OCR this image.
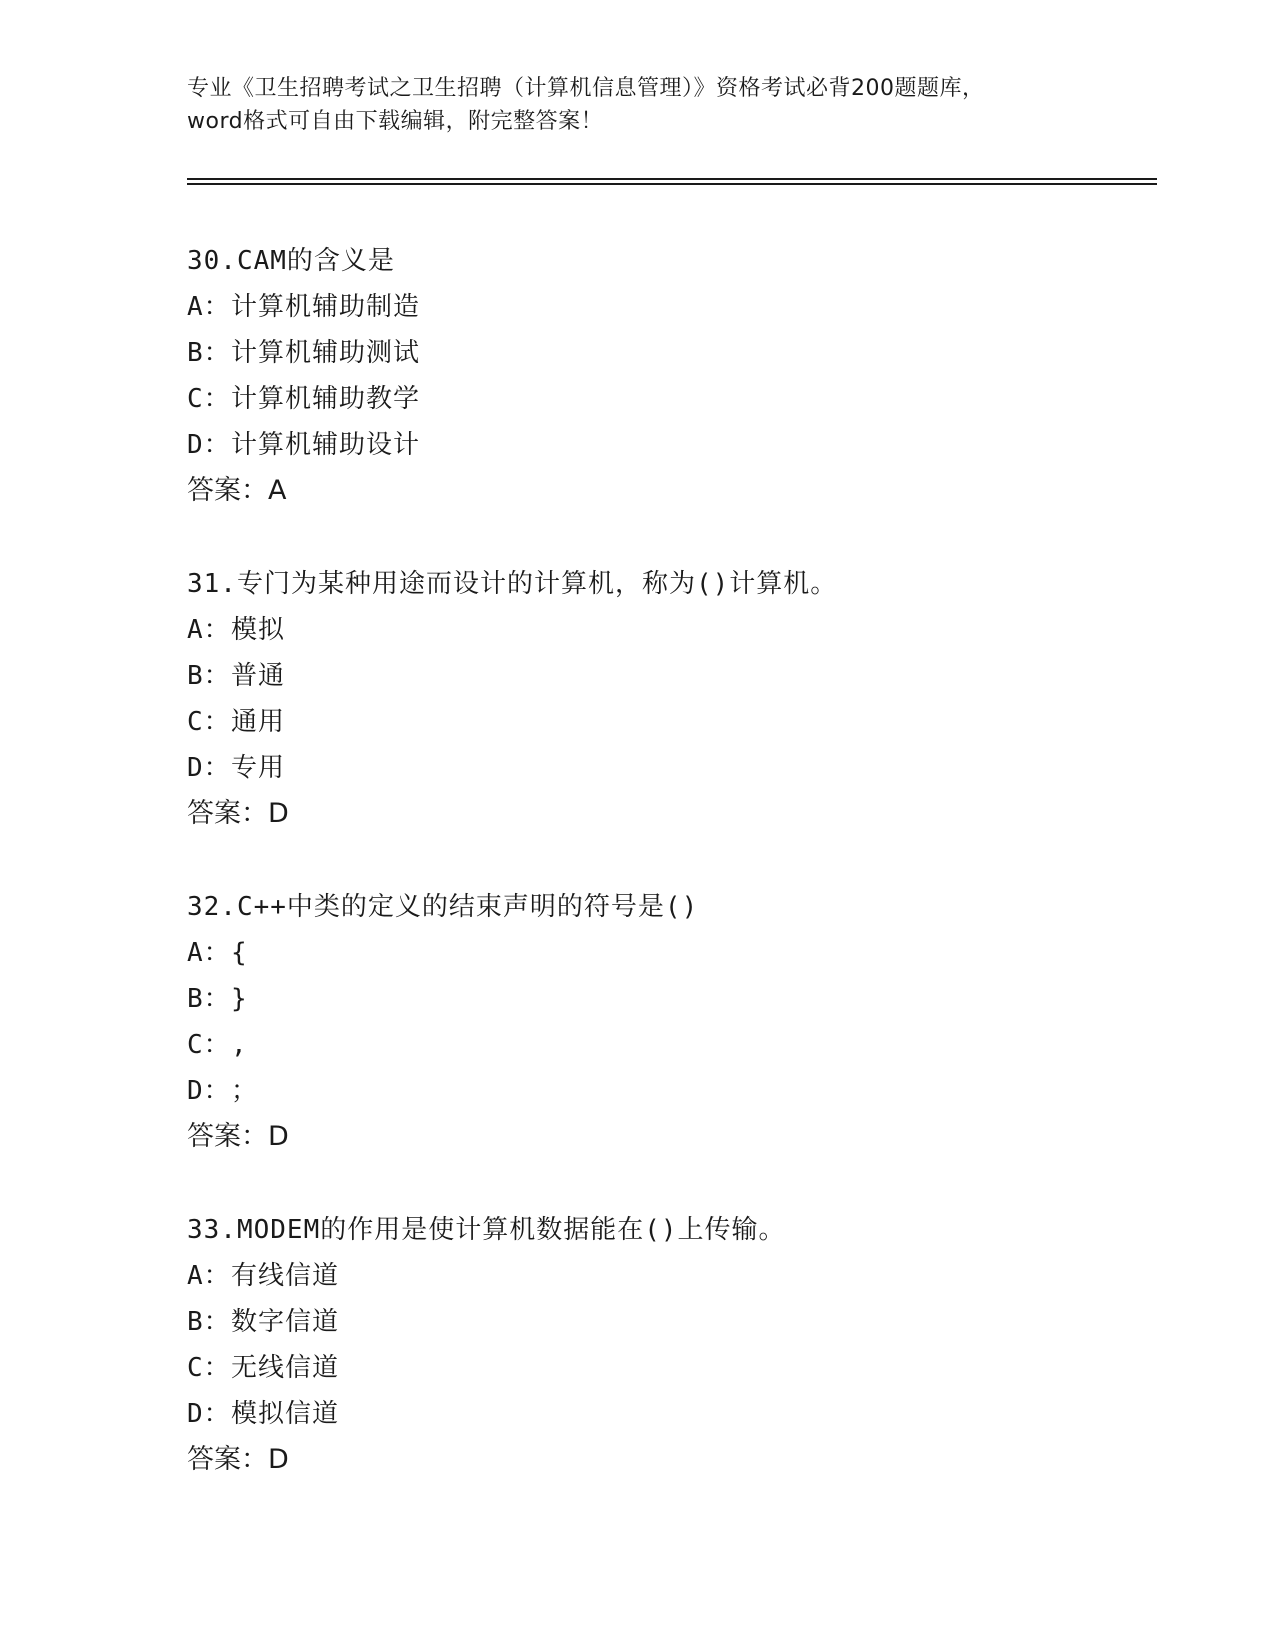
专业《卫生招聘考试之卫生招聘（计算机信息管理）》资格考试必背200题题库，
word格式可自由下载编辑，附完整答案！
30.CAM的含义是
A：计算机辅助制造
B：计算机辅助测试
C：计算机辅助教学
D：计算机辅助设计
答案：A
31.专门为某种用途而设计的计算机，称为()计算机。
A：模拟
B：普通
C：通用
D：专用
答案：D
32.C++中类的定义的结束声明的符号是()
A：{
B：}
C：,
D：；
答案：D
33.MODEM的作用是使计算机数据能在()上传输。
A：有线信道
B：数字信道
C：无线信道
D：模拟信道
答案：D
